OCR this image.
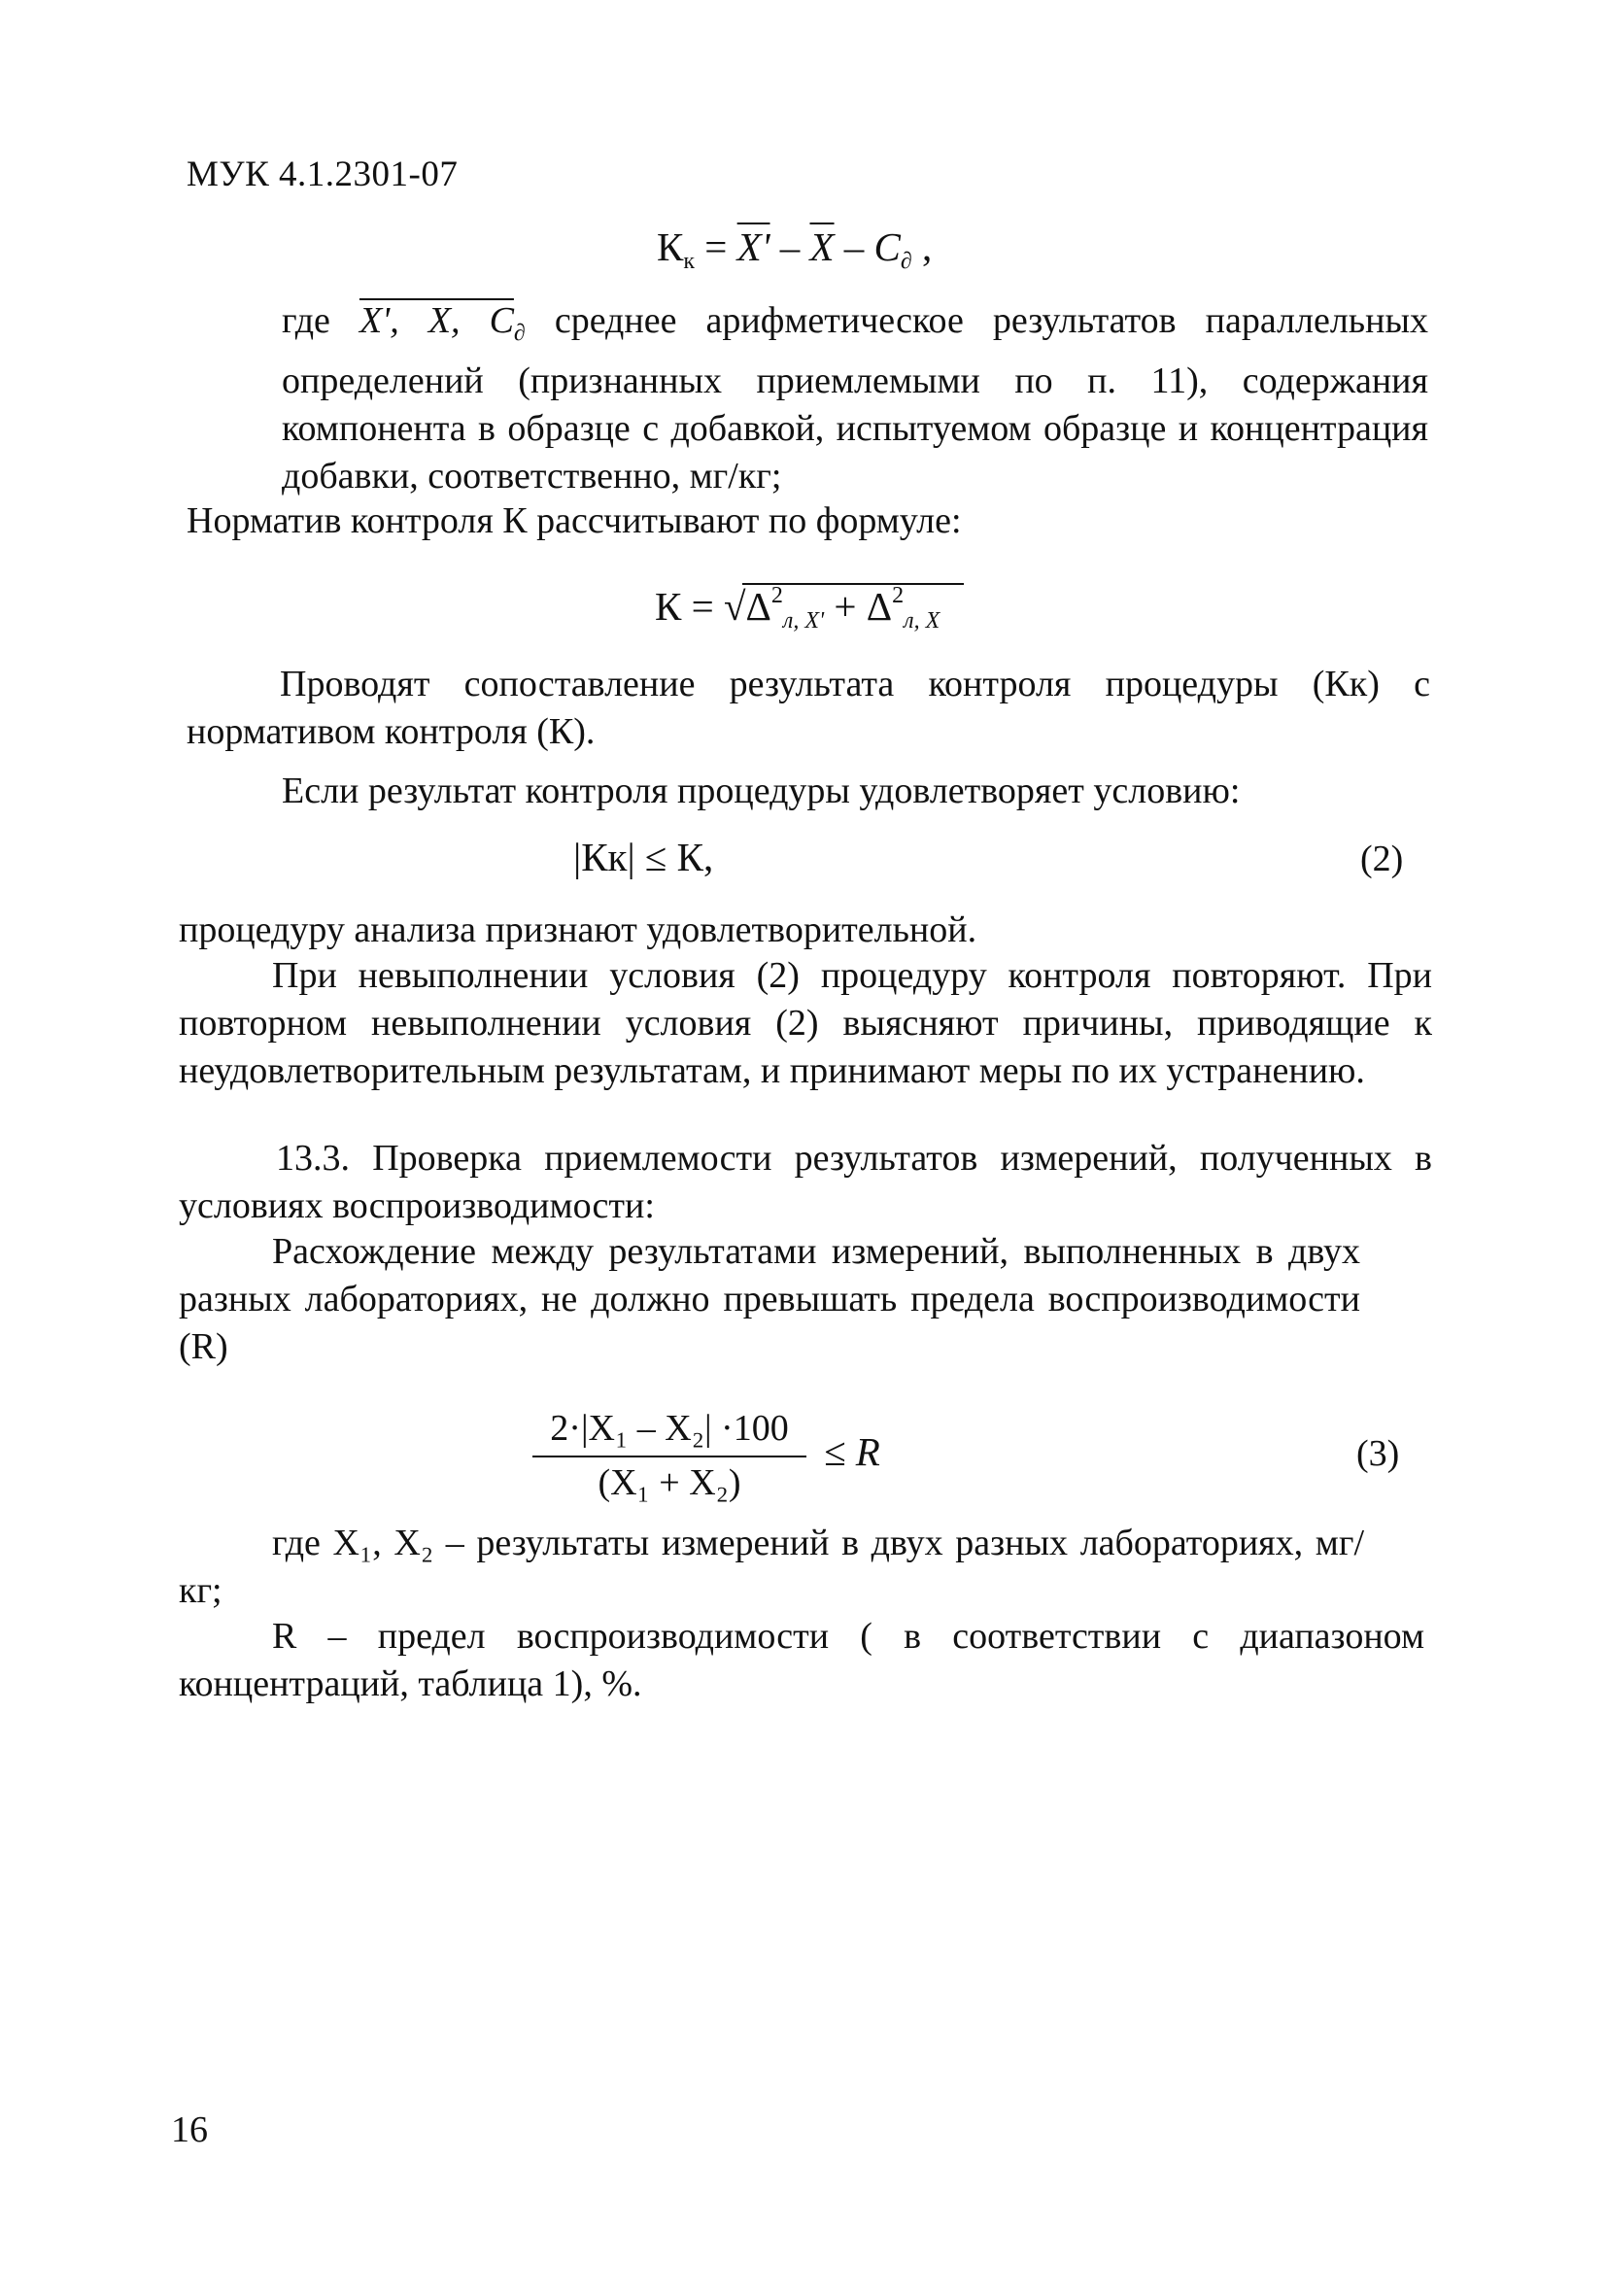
МУК 4.1.2301-07
$К_к = X' - \overline{X} - C_\partial$ ,
где X', X, $C_\partial$ среднее арифметическое результатов параллельных определений (признанных приемлемыми по п. 11), содержания компонента в образце с добавкой, испытуемом образце и концентрация добавки, соответственно, мг/кг;
Норматив контроля К рассчитывают по формуле:
$К = √\Delta^2_{л, X'} + \Delta^2_{л, X}$
Проводят сопоставление результата контроля процедуры (Кк) с нормативом контроля (К).
Если результат контроля процедуры удовлетворяет условию:
|Кк| ≤ К,	(2)
процедуру анализа признают удовлетворительной.
При невыполнении условия (2) процедуру контроля повторяют. При повторном невыполнении условия (2) выясняют причины, приводящие к неудовлетворительным результатам, и принимают меры по их устранению.
13.3. Проверка приемлемости результатов измерений, полученных в условиях воспроизводимости:
Расхождение между результатами измерений, выполненных в двух разных лабораториях, не должно превышать предела воспроизводимости (R)
2·|X₁ – X₂| ·100
(X₁ + X₂)
≤ R	(3)
где X₁, X₂ – результаты измерений в двух разных лабораториях, мг/кг;
R – предел воспроизводимости ( в соответствии с диапазоном концентраций, таблица 1), %.
16
